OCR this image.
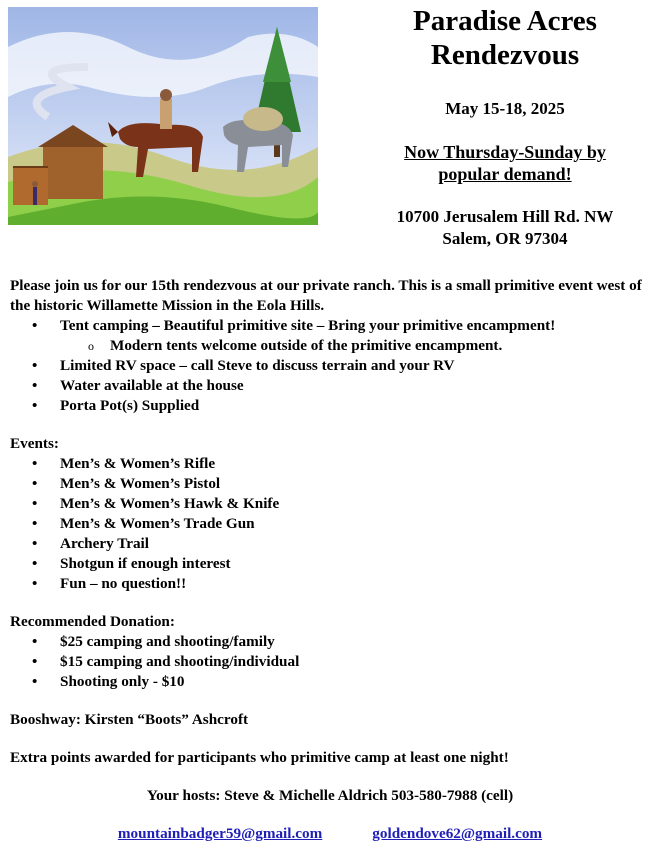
Paradise Acres
Rendezvous
May 15-18, 2025
Now Thursday-Sunday by
popular demand!
10700 Jerusalem Hill Rd. NW
Salem, OR 97304

Please join us for our 15th rendezvous at our private ranch. This is a small primitive event west of the historic Willamette Mission in the Eola Hills.

• Tent camping – Beautiful primitive site – Bring your primitive encampment!
o Modern tents welcome outside of the primitive encampment.
• Limited RV space – call Steve to discuss terrain and your RV
• Water available at the house
• Porta Pot(s) Supplied

Events:

• Men’s & Women’s Rifle
• Men’s & Women’s Pistol
• Men’s & Women’s Hawk & Knife
• Men’s & Women’s Trade Gun
• Archery Trail
• Shotgun if enough interest
• Fun – no question!!

Recommended Donation:

• $25 camping and shooting/family
• $15 camping and shooting/individual
• Shooting only - $10

Booshway: Kirsten “Boots” Ashcroft

Extra points awarded for participants who primitive camp at least one night!

Your hosts: Steve & Michelle Aldrich 503-580-7988 (cell)

mountainbadger59@gmail.com	goldendove62@gmail.com
